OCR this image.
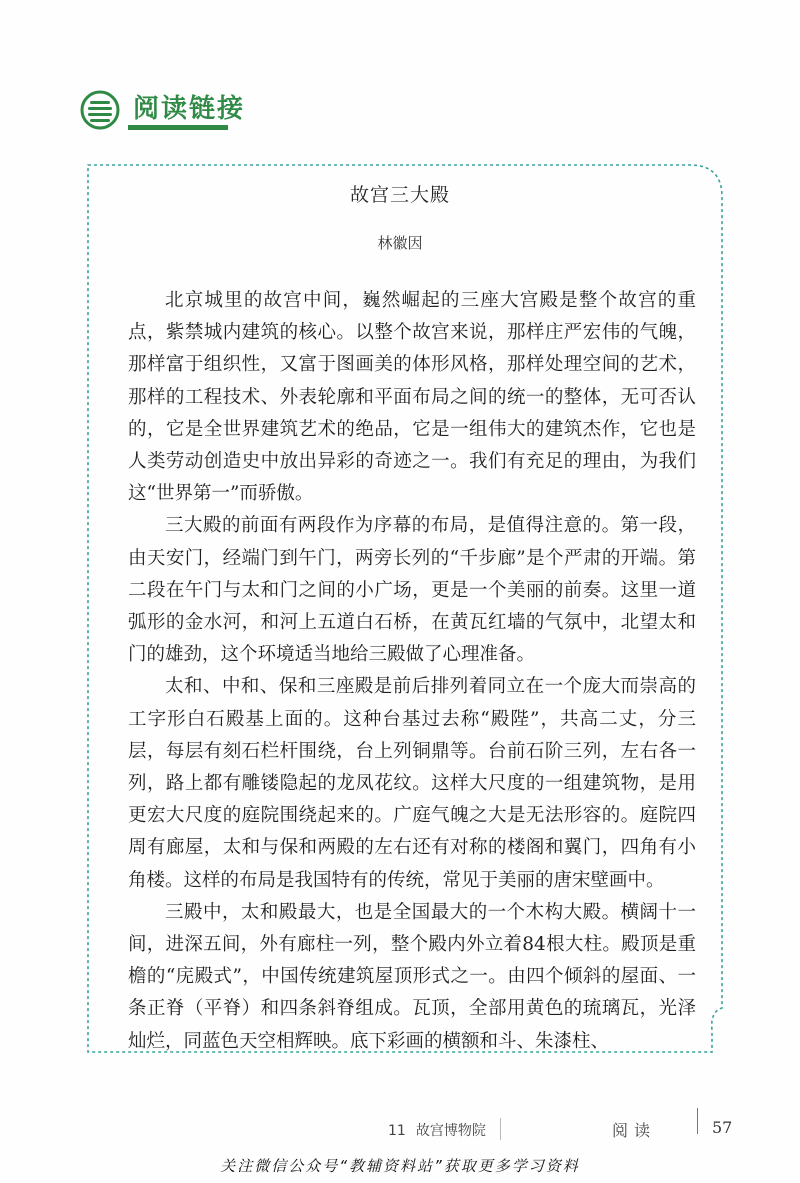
阅读链接
故宫三大殿
林徽因

北京城里的故宫中间，巍然崛起的三座大宫殿是整个故宫的重点，紫禁城内建筑的核心。以整个故宫来说，那样庄严宏伟的气魄，那样富于组织性，又富于图画美的体形风格，那样处理空间的艺术，那样的工程技术、外表轮廓和平面布局之间的统一的整体，无可否认的，它是全世界建筑艺术的绝品，它是一组伟大的建筑杰作，它也是人类劳动创造史中放出异彩的奇迹之一。我们有充足的理由，为我们这“世界第一”而骄傲。

三大殿的前面有两段作为序幕的布局，是值得注意的。第一段，由天安门，经端门到午门，两旁长列的“千步廊”是个严肃的开端。第二段在午门与太和门之间的小广场，更是一个美丽的前奏。这里一道弧形的金水河，和河上五道白石桥，在黄瓦红墙的气氛中，北望太和门的雄劲，这个环境适当地给三殿做了心理准备。

太和、中和、保和三座殿是前后排列着同立在一个庞大而崇高的工字形白石殿基上面的。这种台基过去称“殿陛”，共高二丈，分三层，每层有刻石栏杆围绕，台上列铜鼎等。台前石阶三列，左右各一列，路上都有雕镂隐起的龙凤花纹。这样大尺度的一组建筑物，是用更宏大尺度的庭院围绕起来的。广庭气魄之大是无法形容的。庭院四周有廊屋，太和与保和两殿的左右还有对称的楼阁和翼门，四角有小角楼。这样的布局是我国特有的传统，常见于美丽的唐宋壁画中。

三殿中，太和殿最大，也是全国最大的一个木构大殿。横阔十一间，进深五间，外有廊柱一列，整个殿内外立着84根大柱。殿顶是重檐的“庑殿式”，中国传统建筑屋顶形式之一。由四个倾斜的屋面、一条正脊（平脊）和四条斜脊组成。瓦顶，全部用黄色的琉璃瓦，光泽灿烂，同蓝色天空相辉映。底下彩画的横额和斗、朱漆柱、

11 故宫博物院	阅读	57
关注微信公众号“教辅资料站”获取更多学习资料
